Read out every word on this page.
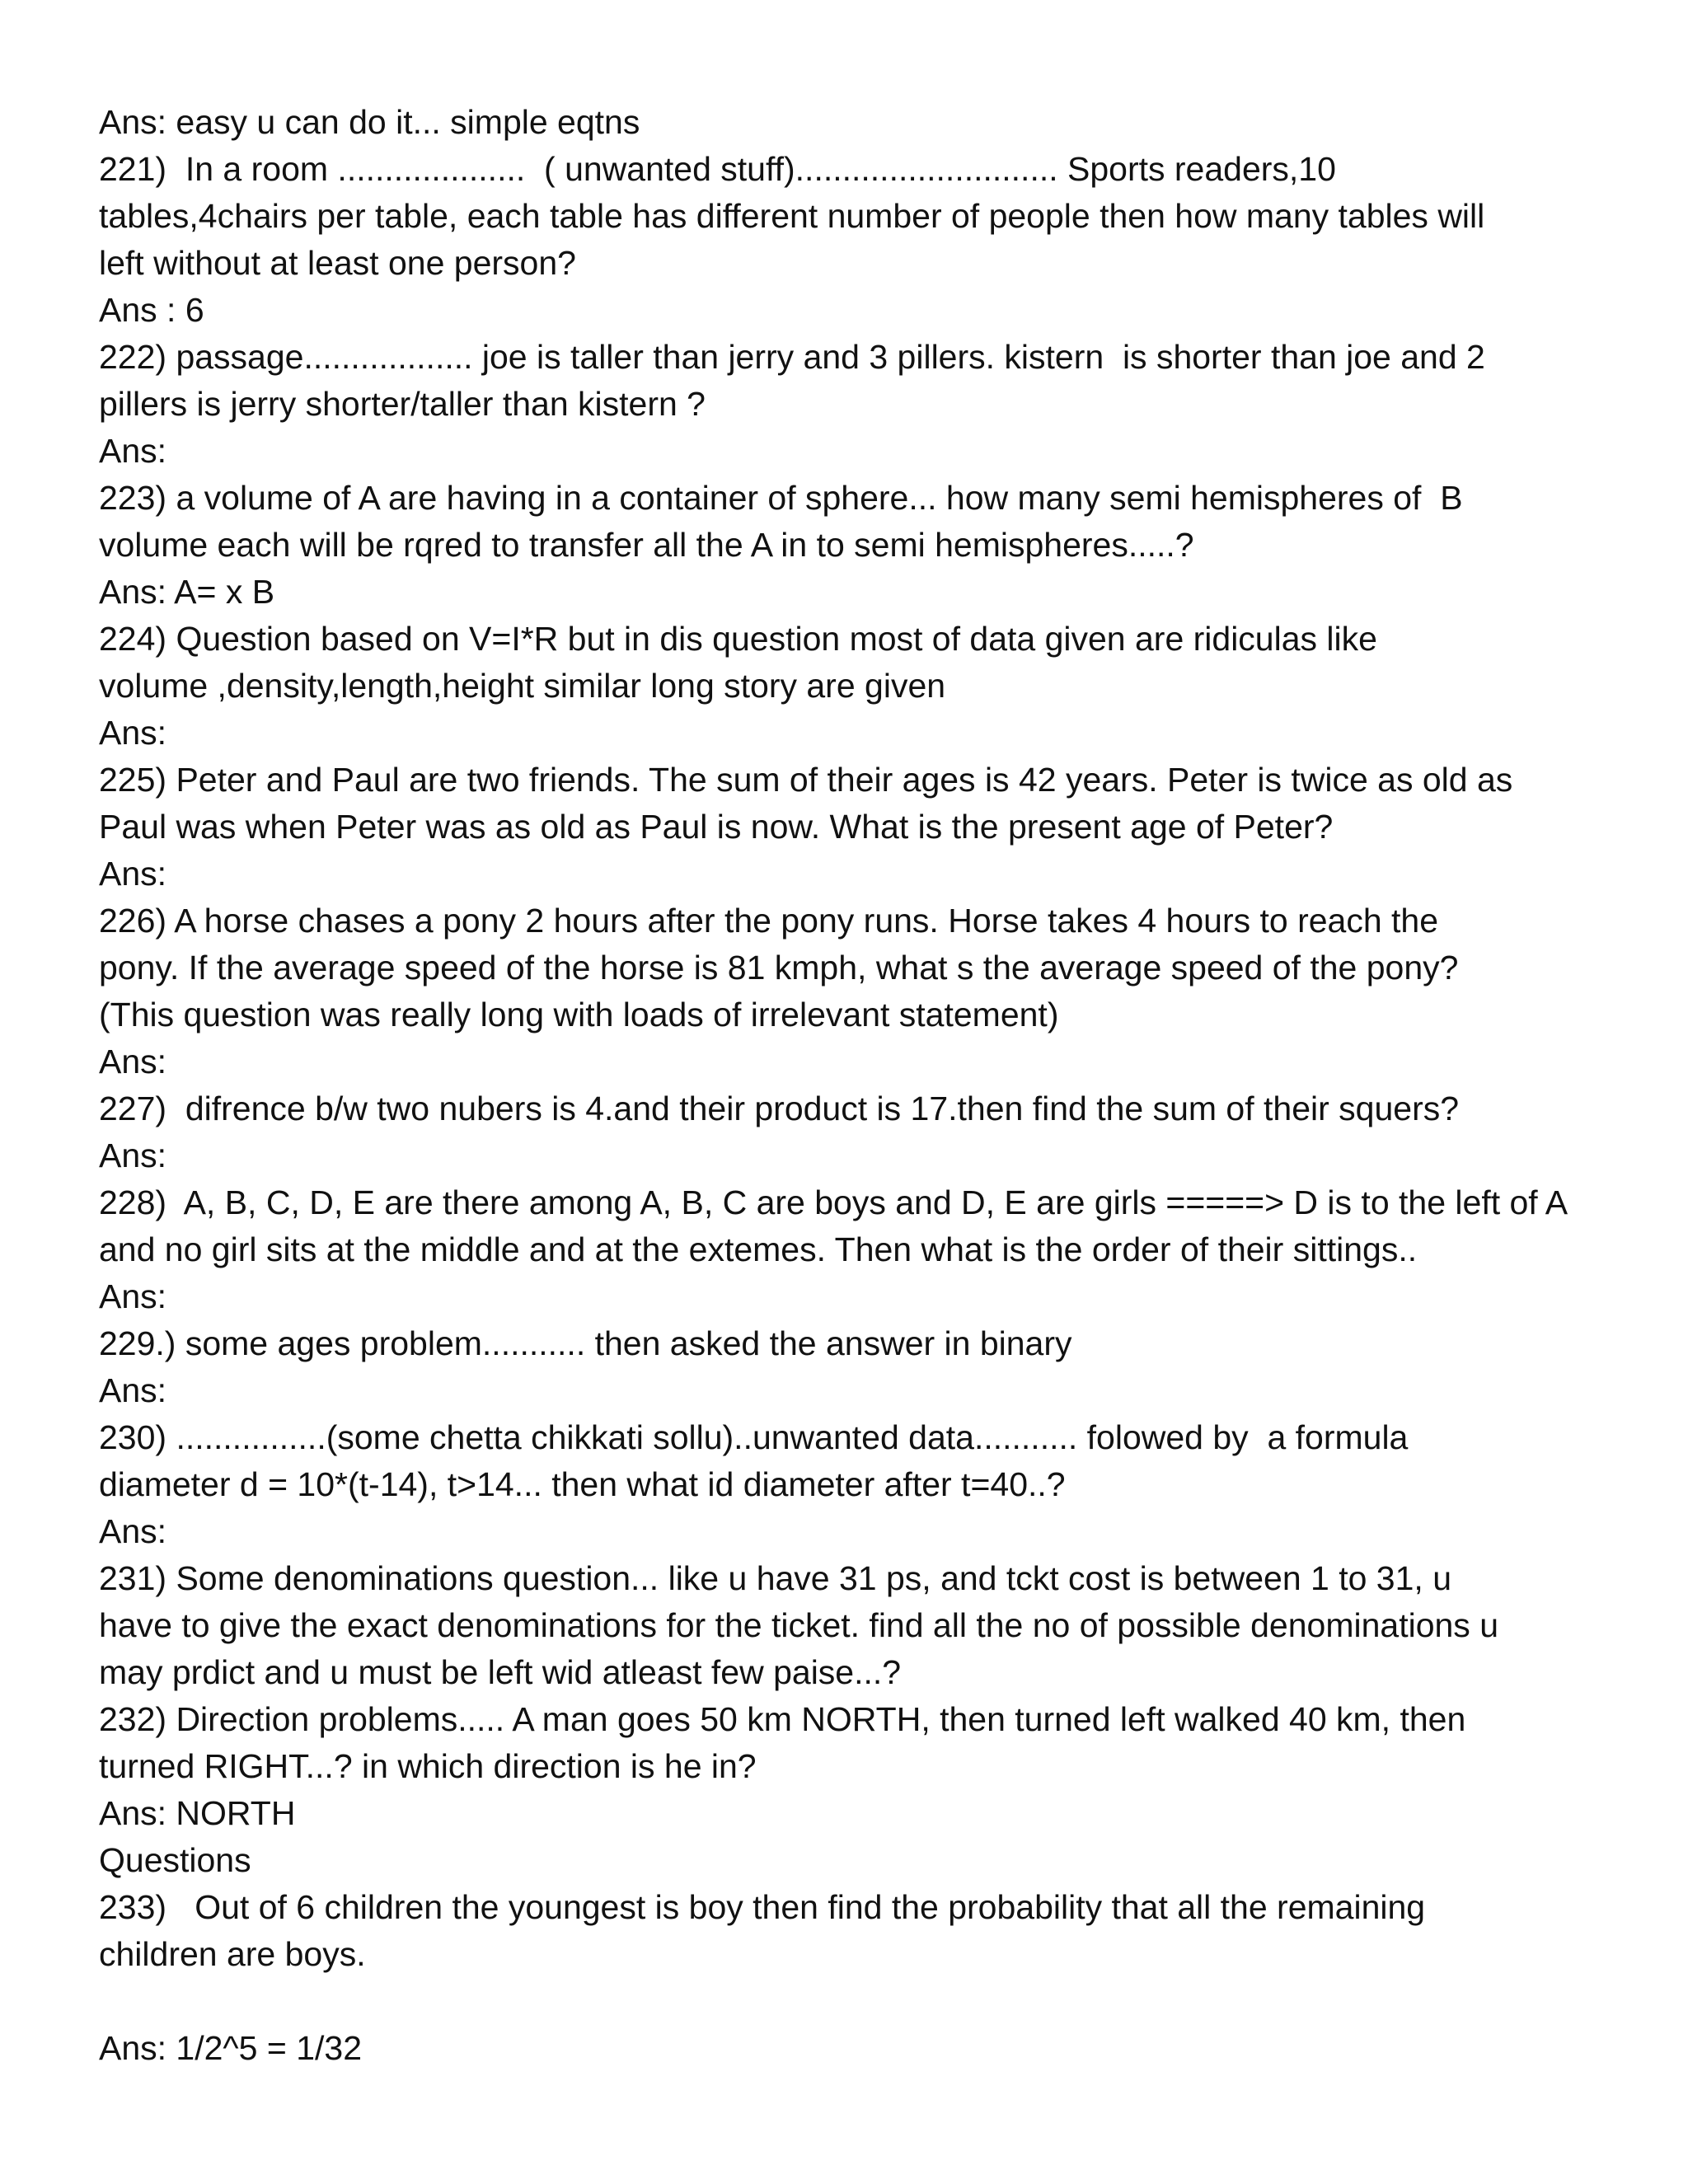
Ans: easy u can do it... simple eqtns
221)  In a room ....................  ( unwanted stuff)............................ Sports readers,10
tables,4chairs per table, each table has different number of people then how many tables will
left without at least one person?
Ans : 6
222) passage.................. joe is taller than jerry and 3 pillers. kistern  is shorter than joe and 2
pillers is jerry shorter/taller than kistern ?
Ans:
223) a volume of A are having in a container of sphere... how many semi hemispheres of  B
volume each will be rqred to transfer all the A in to semi hemispheres.....?
Ans: A= x B
224) Question based on V=I*R but in dis question most of data given are ridiculas like
volume ,density,length,height similar long story are given
Ans:
225) Peter and Paul are two friends. The sum of their ages is 42 years. Peter is twice as old as
Paul was when Peter was as old as Paul is now. What is the present age of Peter?
Ans:
226) A horse chases a pony 2 hours after the pony runs. Horse takes 4 hours to reach the
pony. If the average speed of the horse is 81 kmph, what s the average speed of the pony?
(This question was really long with loads of irrelevant statement)
Ans:
227)  difrence b/w two nubers is 4.and their product is 17.then find the sum of their squers?
Ans:
228)  A, B, C, D, E are there among A, B, C are boys and D, E are girls =====> D is to the left of A
and no girl sits at the middle and at the extemes. Then what is the order of their sittings..
Ans:
229.) some ages problem........... then asked the answer in binary
Ans:
230) ................(some chetta chikkati sollu)..unwanted data........... folowed by  a formula
diameter d = 10*(t-14), t>14... then what id diameter after t=40..?
Ans:
231) Some denominations question... like u have 31 ps, and tckt cost is between 1 to 31, u
have to give the exact denominations for the ticket. find all the no of possible denominations u
may prdict and u must be left wid atleast few paise...?
232) Direction problems..... A man goes 50 km NORTH, then turned left walked 40 km, then
turned RIGHT...? in which direction is he in?
Ans: NORTH
Questions
233)   Out of 6 children the youngest is boy then find the probability that all the remaining
children are boys.
Ans: 1/2^5 = 1/32
